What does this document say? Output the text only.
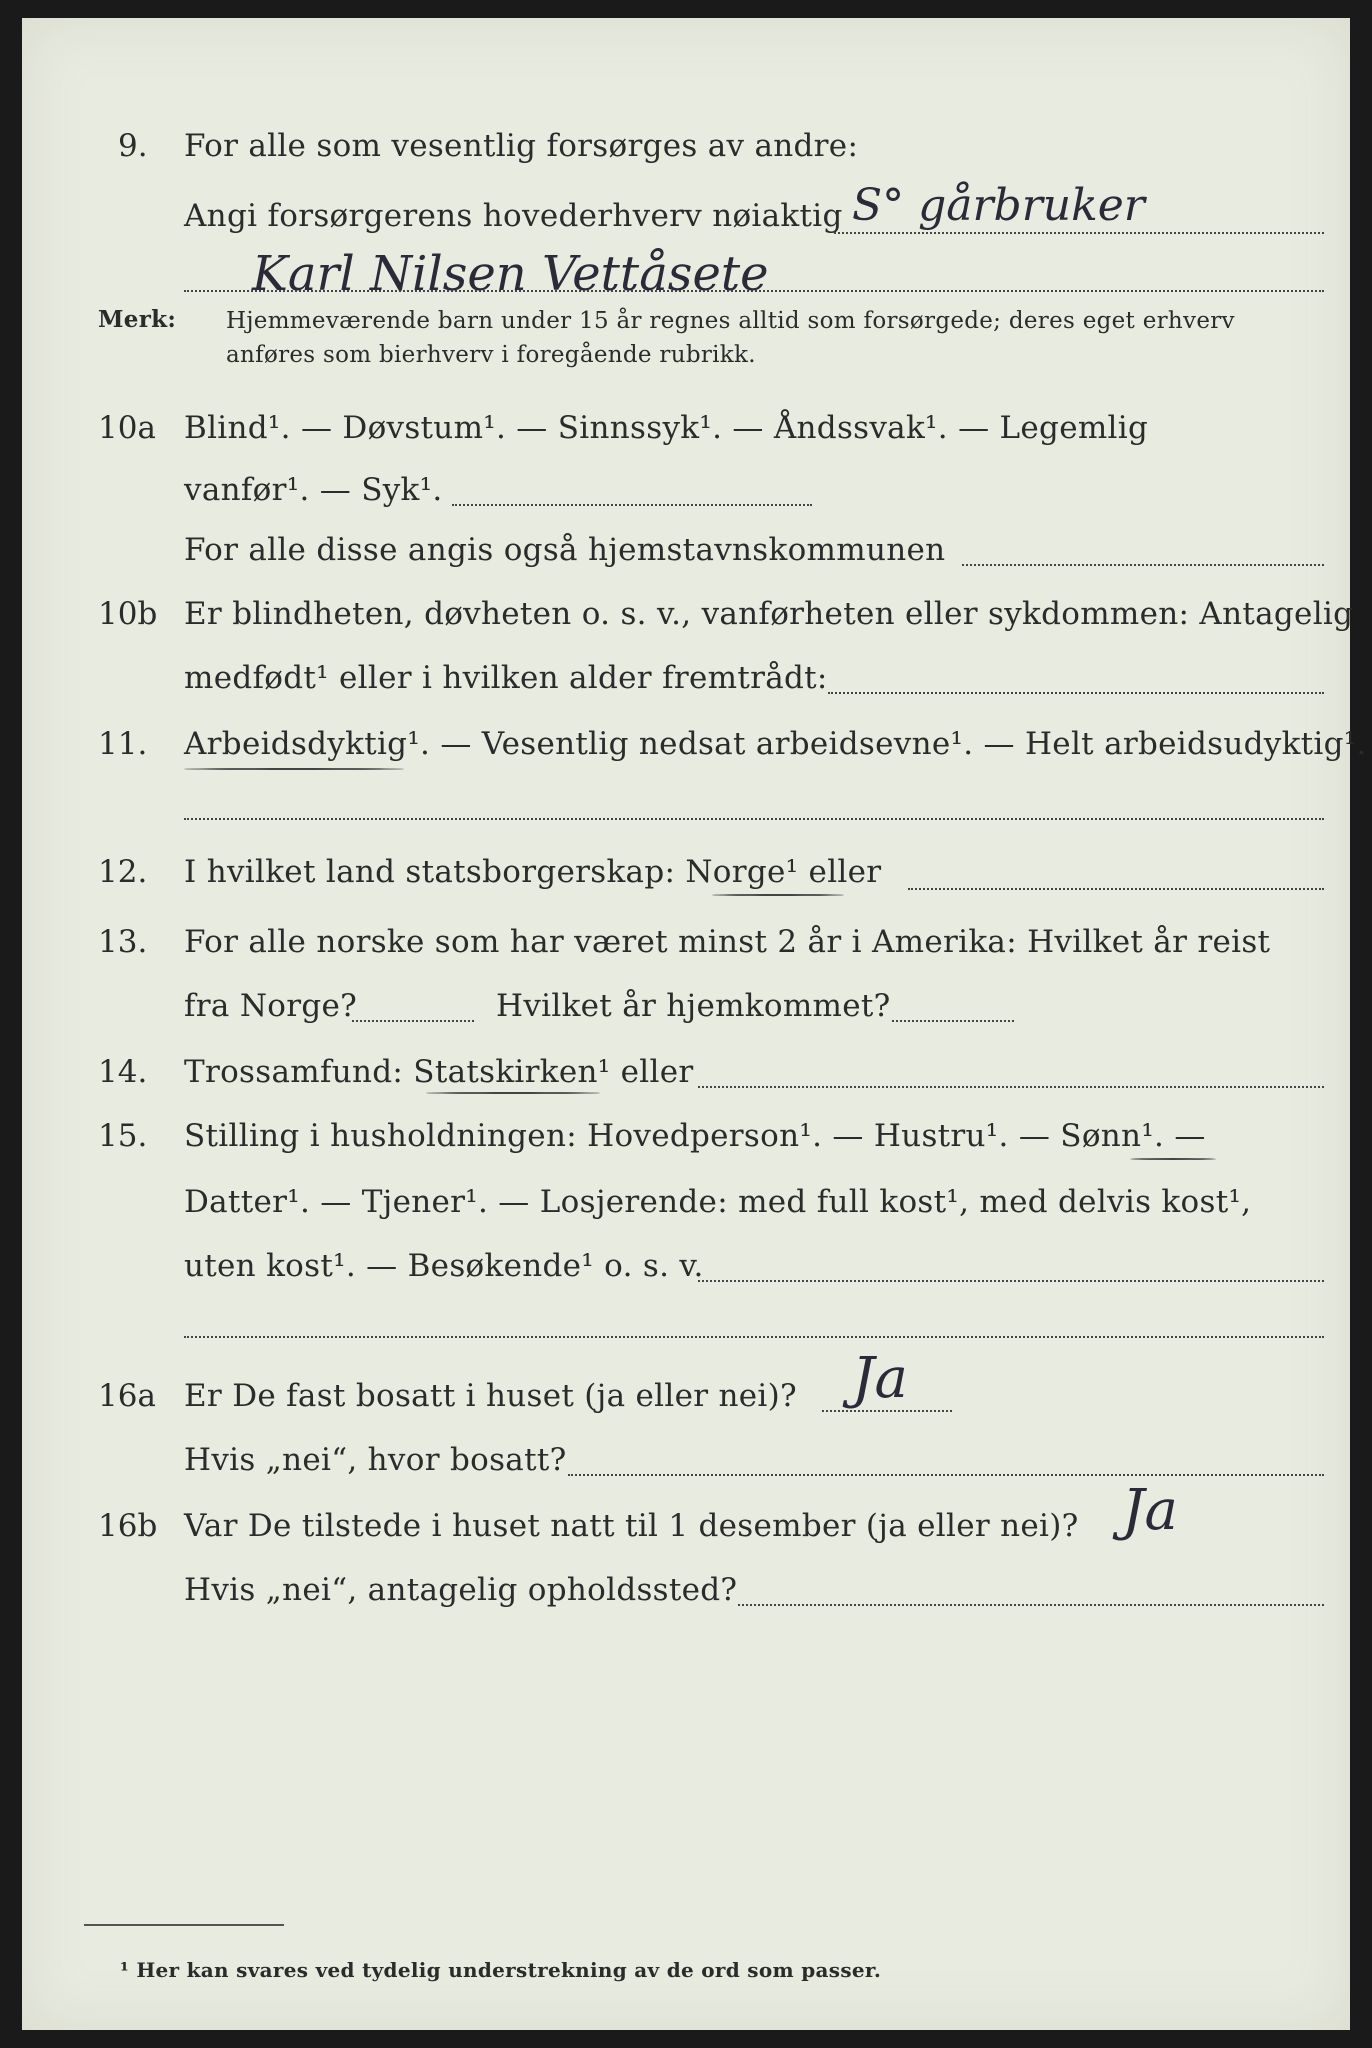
9. For alle som vesentlig forsørges av andre:
Angi forsørgerens hovederhverv nøiaktig S° gårbruker
Karl Nilsen Vettåsete
Merk: Hjemmeværende barn under 15 år regnes alltid som forsørgede; deres eget erhverv
anføres som bierhverv i foregående rubrikk.
10a Blind¹. — Døvstum¹. — Sinnssyk¹. — Åndssvak¹. — Legemlig
vanfør¹. — Syk¹.
For alle disse angis også hjemstavnskommunen
10b Er blindheten, døvheten o. s. v., vanførheten eller sykdommen: Antagelig
medfødt¹ eller i hvilken alder fremtrådt:
11. Arbeidsdyktig¹. — Vesentlig nedsat arbeidsevne¹. — Helt arbeidsudyktig¹.
12. I hvilket land statsborgerskap: Norge¹ eller
13. For alle norske som har været minst 2 år i Amerika: Hvilket år reist
fra Norge?	Hvilket år hjemkommet?
14. Trossamfund: Statskirken¹ eller
15. Stilling i husholdningen: Hovedperson¹. — Hustru¹. — Sønn¹. —
Datter¹. — Tjener¹. — Losjerende: med full kost¹, med delvis kost¹,
uten kost¹. — Besøkende¹ o. s. v.
16a Er De fast bosatt i huset (ja eller nei)? Ja
Hvis „nei“, hvor bosatt?
16b Var De tilstede i huset natt til 1 desember (ja eller nei)? Ja
Hvis „nei“, antagelig opholdssted?
¹ Her kan svares ved tydelig understrekning av de ord som passer.
